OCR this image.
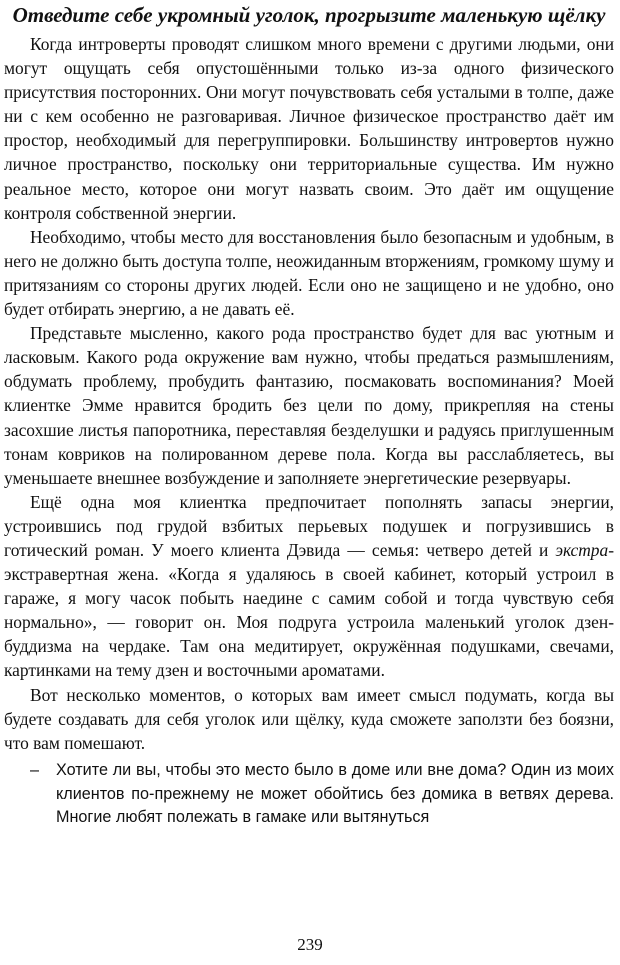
Отведите себе укромный уголок, прогрызите маленькую щёлку

Когда интроверты проводят слишком много времени с другими людьми, они могут ощущать себя опустошёнными только из-за одного физического присутствия посторонних. Они могут почувствовать себя усталыми в толпе, даже ни с кем особенно не разговаривая. Личное физическое пространство даёт им простор, необходимый для перегруппировки. Большинству интровертов нужно личное пространство, поскольку они территориальные существа. Им нужно реальное место, которое они могут назвать своим. Это даёт им ощущение контроля собственной энергии.

Необходимо, чтобы место для восстановления было безопасным и удобным, в него не должно быть доступа толпе, неожиданным вторжениям, громкому шуму и притязаниям со стороны других людей. Если оно не защищено и не удобно, оно будет отбирать энергию, а не давать её.

Представьте мысленно, какого рода пространство будет для вас уютным и ласковым. Какого рода окружение вам нужно, чтобы предаться размышлениям, обдумать проблему, пробудить фантазию, посмаковать воспоминания? Моей клиентке Эмме нравится бродить без цели по дому, прикрепляя на стены засохшие листья папоротника, переставляя безделушки и радуясь приглушенным тонам ковриков на полированном дереве пола. Когда вы расслабляетесь, вы уменьшаете внешнее возбуждение и заполняете энергетические резервуары.

Ещё одна моя клиентка предпочитает пополнять запасы энергии, устроившись под грудой взбитых перьевых подушек и погрузившись в готический роман. У моего клиента Дэвида — семья: четверо детей и экстра-экстравертная жена. «Когда я удаляюсь в своей кабинет, который устроил в гараже, я могу часок побыть наедине с самим собой и тогда чувствую себя нормально», — говорит он. Моя подруга устроила маленький уголок дзен-буддизма на чердаке. Там она медитирует, окружённая подушками, свечами, картинками на тему дзен и восточными ароматами.

Вот несколько моментов, о которых вам имеет смысл подумать, когда вы будете создавать для себя уголок или щёлку, куда сможете заползти без боязни, что вам помешают.

– Хотите ли вы, чтобы это место было в доме или вне дома? Один из моих клиентов по-прежнему не может обойтись без домика в ветвях дерева. Многие любят полежать в гамаке или вытянуться
239
